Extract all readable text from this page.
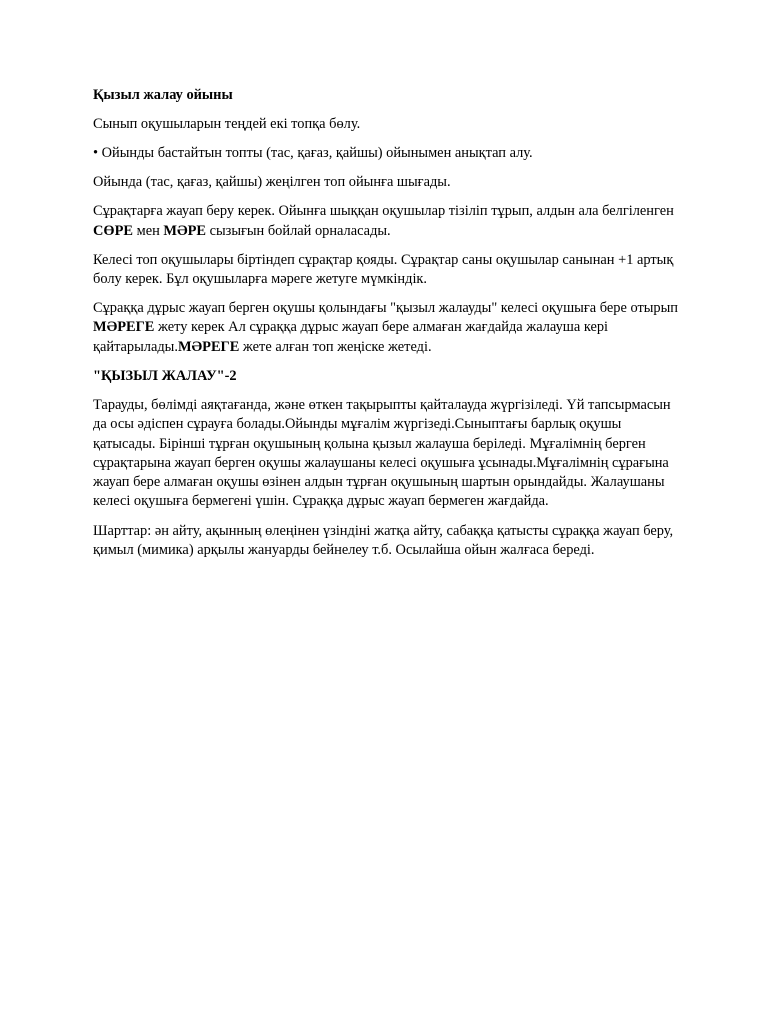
Қызыл жалау ойыны

Сынып оқушыларын теңдей екі топқа бөлу.

• Ойынды бастайтын топты (тас, қағаз, қайшы) ойынымен анықтап алу.

Ойында (тас, қағаз, қайшы) жеңілген топ ойынға шығады.

Сұрақтарға жауап беру керек. Ойынға шыққан оқушылар тізіліп тұрып, алдын ала белгіленген СӨРЕ мен МӘРЕ сызығын бойлай орналасады.

Келесі топ оқушылары біртіндеп сұрақтар қояды. Сұрақтар саны оқушылар санынан +1 артық болу керек. Бұл оқушыларға мәреге жетуге мүмкіндік.

Сұраққа дұрыс жауап берген оқушы қолындағы "қызыл жалауды" келесі оқушыға бере отырып МӘРЕГЕ жету керек Ал сұраққа дұрыс жауап бере алмаған жағдайда жалауша кері қайтарылады.МӘРЕГЕ жете алған топ жеңіске жетеді.

"ҚЫЗЫЛ ЖАЛАУ"-2

Тарауды, бөлімді аяқтағанда, және өткен тақырыпты қайталауда жүргізіледі. Үй тапсырмасын да осы әдіспен сұрауға болады.Ойынды мұғалім жүргізеді.Сыныптағы барлық оқушы қатысады. Бірінші тұрған оқушының қолына қызыл жалауша беріледі. Мұғалімнің берген сұрақтарына жауап берген оқушы жалаушаны келесі оқушыға ұсынады.Мұғалімнің сұрағына жауап бере алмаған оқушы өзінен алдын тұрған оқушының шартын орындайды. Жалаушаны келесі оқушыға бермегені үшін. Сұраққа дұрыс жауап бермеген жағдайда.

Шарттар: ән айту, ақынның өлеңінен үзіндіні жатқа айту, сабаққа қатысты сұраққа жауап беру, қимыл (мимика) арқылы жануарды бейнелеу т.б. Осылайша ойын жалғаса береді.
